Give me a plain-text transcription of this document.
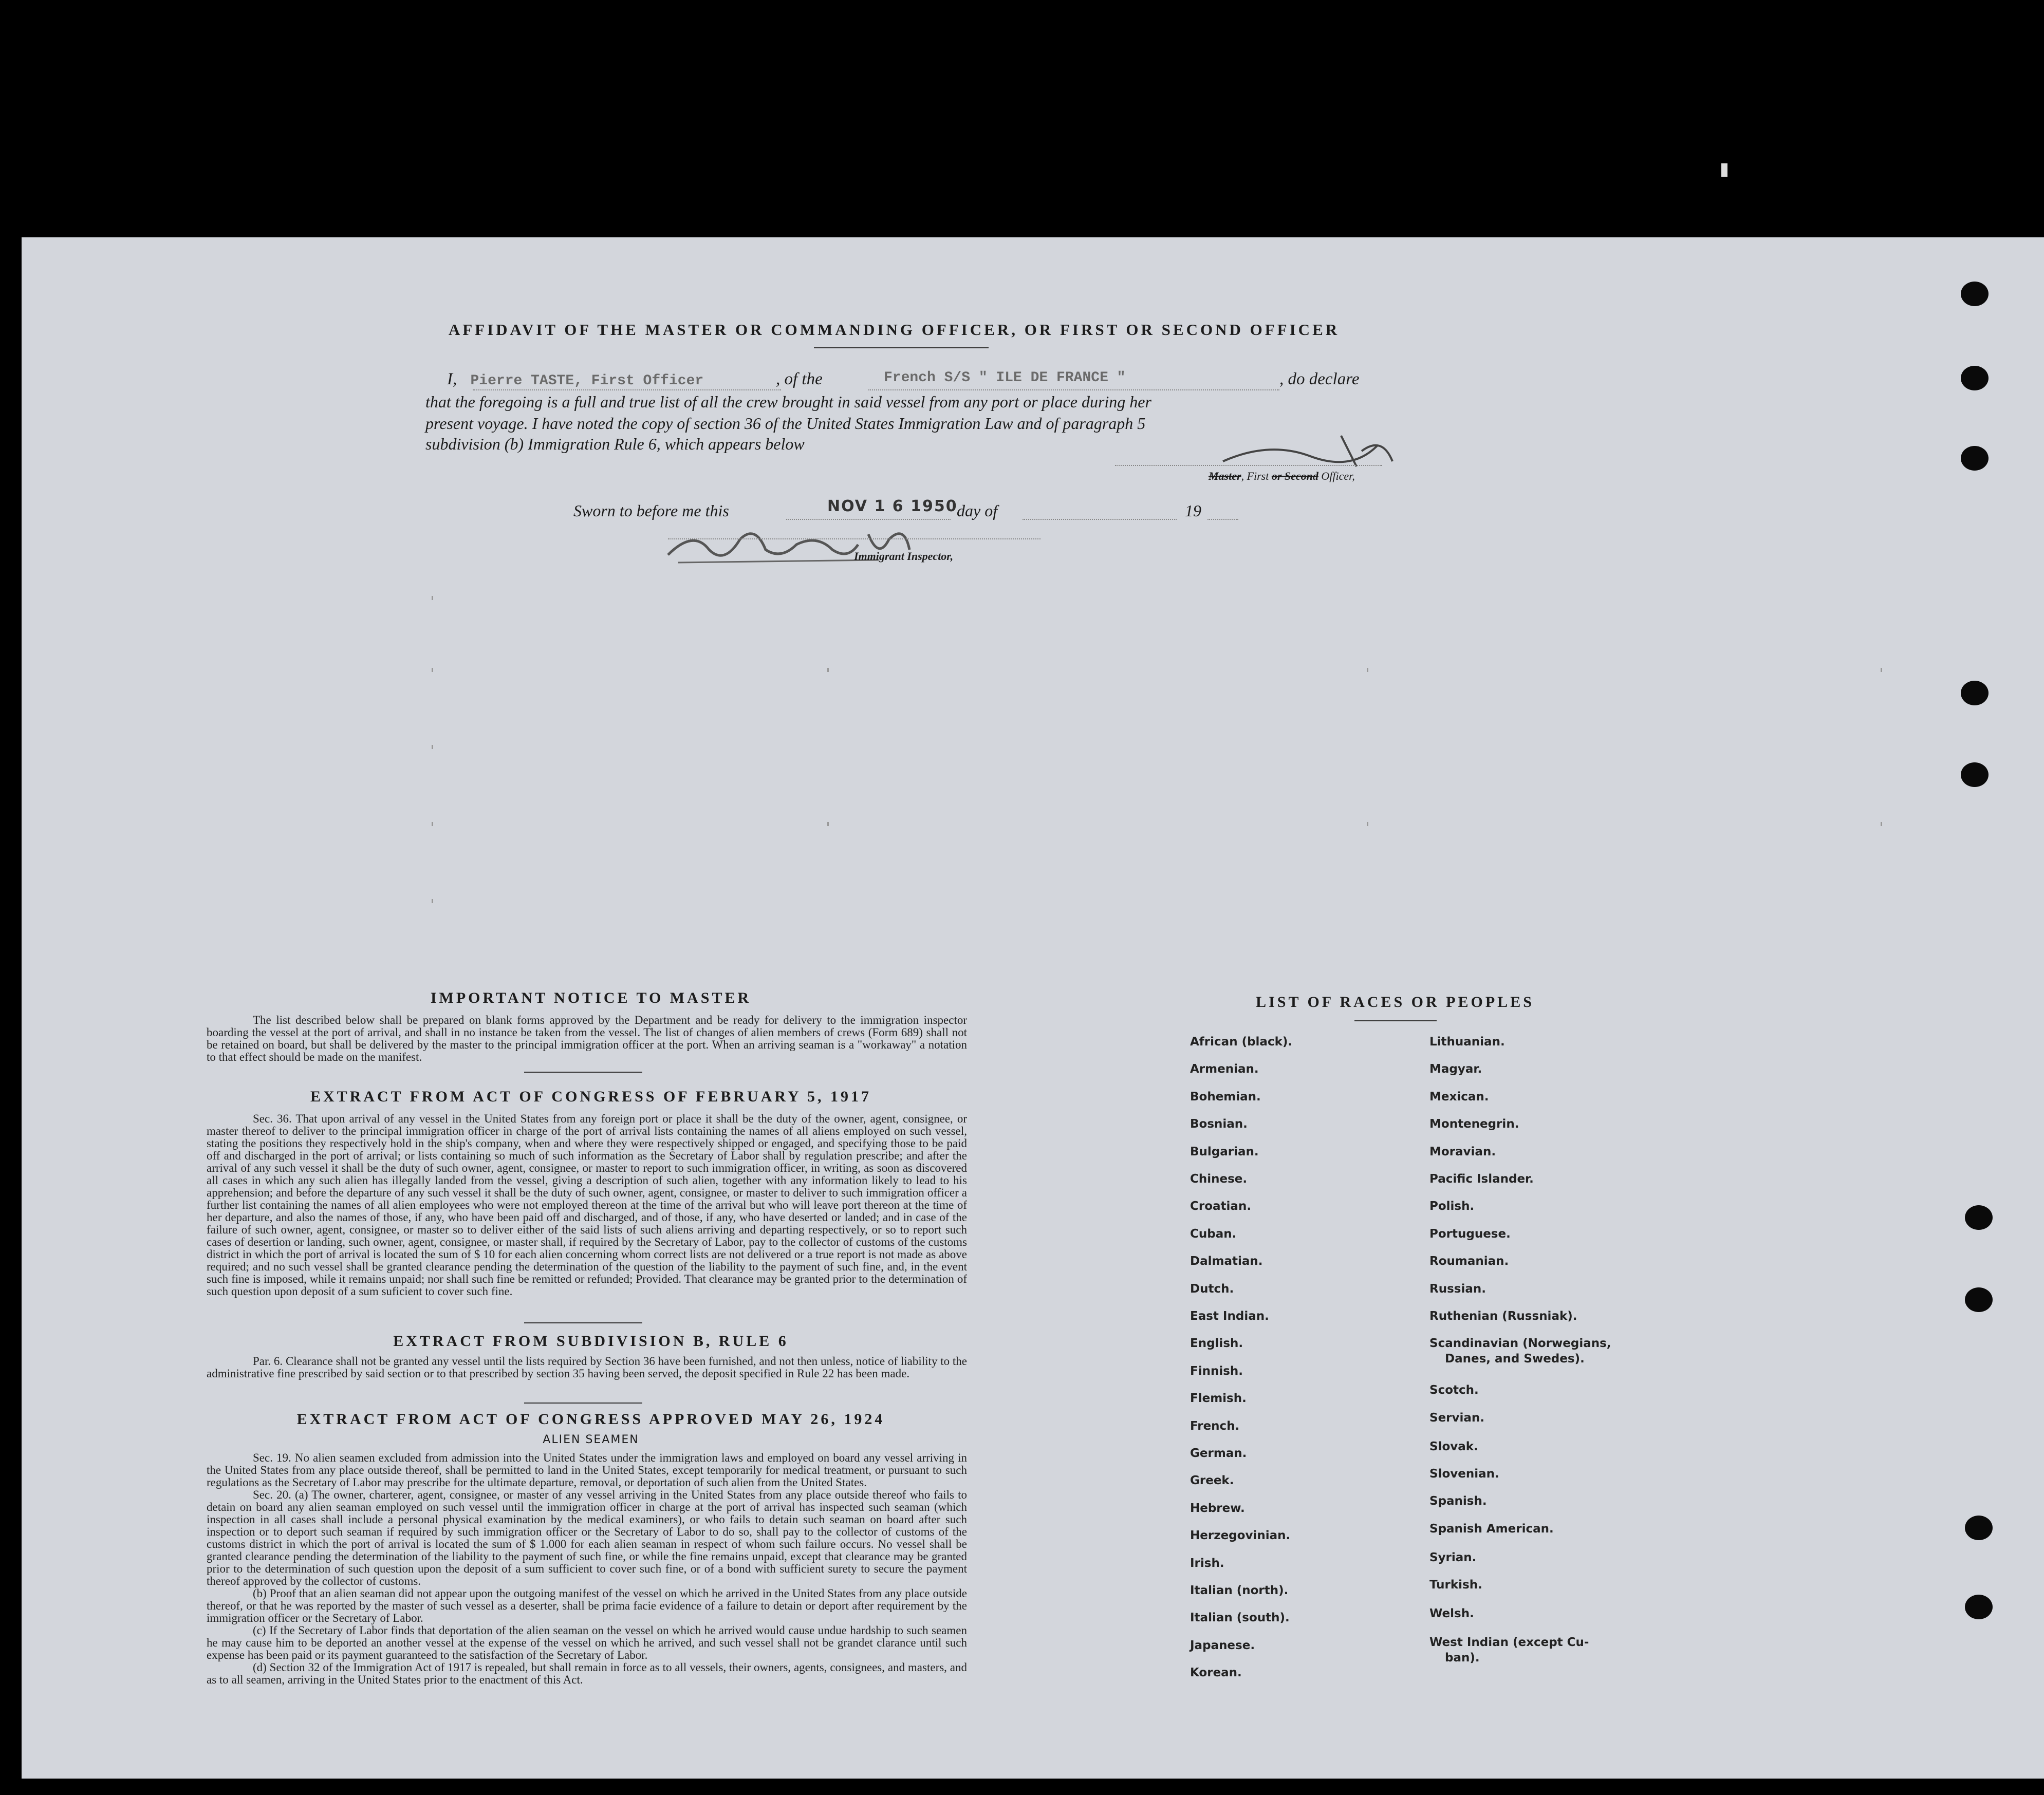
AFFIDAVIT OF THE MASTER OR COMMANDING OFFICER, OR FIRST OR SECOND OFFICER
I, Pierre TASTE, First Officer	, of the	French S/S " ILE DE FRANCE "	, do declare
that the foregoing is a full and true list of all the crew brought in said vessel from any port or place during her
present voyage. I have noted the copy of section 36 of the United States Immigration Law and of paragraph 5
subdivision (b) Immigration Rule 6, which appears below
Master, First or Second Officer,
Sworn to before me this	NOV 1 6 1950
day of	19
Immigrant Inspector,
IMPORTANT NOTICE TO MASTER

The list described below shall be prepared on blank forms approved by the Department and be ready for delivery to the immigration inspector boarding the vessel at the port of arrival, and shall in no instance be taken from the vessel. The list of changes of alien members of crews (Form 689) shall not be retained on board, but shall be delivered by the master to the principal immigration officer at the port. When an arriving seaman is a "workaway" a notation to that effect should be made on the manifest.

EXTRACT FROM ACT OF CONGRESS OF FEBRUARY 5, 1917

Sec. 36. That upon arrival of any vessel in the United States from any foreign port or place it shall be the duty of the owner, agent, consignee, or master thereof to deliver to the principal immigration officer in charge of the port of arrival lists containing the names of all aliens employed on such vessel, stating the positions they respectively hold in the ship's company, when and where they were respectively shipped or engaged, and specifying those to be paid off and discharged in the port of arrival; or lists containing so much of such information as the Secretary of Labor shall by regulation prescribe; and after the arrival of any such vessel it shall be the duty of such owner, agent, consignee, or master to report to such immigration officer, in writing, as soon as discovered all cases in which any such alien has illegally landed from the vessel, giving a description of such alien, together with any information likely to lead to his apprehension; and before the departure of any such vessel it shall be the duty of such owner, agent, consignee, or master to deliver to such immigration officer a further list containing the names of all alien employees who were not employed thereon at the time of the arrival but who will leave port thereon at the time of her departure, and also the names of those, if any, who have been paid off and discharged, and of those, if any, who have deserted or landed; and in case of the failure of such owner, agent, consignee, or master so to deliver either of the said lists of such aliens arriving and departing respectively, or so to report such cases of desertion or landing, such owner, agent, consignee, or master shall, if required by the Secretary of Labor, pay to the collector of customs of the customs district in which the port of arrival is located the sum of $ 10 for each alien concerning whom correct lists are not delivered or a true report is not made as above required; and no such vessel shall be granted clearance pending the determination of the question of the liability to the payment of such fine, and, in the event such fine is imposed, while it remains unpaid; nor shall such fine be remitted or refunded; Provided. That clearance may be granted prior to the determination of such question upon deposit of a sum suficient to cover such fine.

EXTRACT FROM SUBDIVISION B, RULE 6

Par. 6. Clearance shall not be granted any vessel until the lists required by Section 36 have been furnished, and not then unless, notice of liability to the administrative fine prescribed by said section or to that prescribed by section 35 having been served, the deposit specified in Rule 22 has been made.

EXTRACT FROM ACT OF CONGRESS APPROVED MAY 26, 1924
ALIEN SEAMEN

Sec. 19. No alien seamen excluded from admission into the United States under the immigration laws and employed on board any vessel arriving in the United States from any place outside thereof, shall be permitted to land in the United States, except temporarily for medical treatment, or pursuant to such regulations as the Secretary of Labor may prescribe for the ultimate departure, removal, or deportation of such alien from the United States.

Sec. 20. (a) The owner, charterer, agent, consignee, or master of any vessel arriving in the United States from any place outside thereof who fails to detain on board any alien seaman employed on such vessel until the immigration officer in charge at the port of arrival has inspected such seaman (which inspection in all cases shall include a personal physical examination by the medical examiners), or who fails to detain such seaman on board after such inspection or to deport such seaman if required by such immigration officer or the Secretary of Labor to do so, shall pay to the collector of customs of the customs district in which the port of arrival is located the sum of $ 1.000 for each alien seaman in respect of whom such failure occurs. No vessel shall be granted clearance pending the determination of the liability to the payment of such fine, or while the fine remains unpaid, except that clearance may be granted prior to the determination of such question upon the deposit of a sum sufficient to cover such fine, or of a bond with sufficient surety to secure the payment thereof approved by the collector of customs.

(b) Proof that an alien seaman did not appear upon the outgoing manifest of the vessel on which he arrived in the United States from any place outside thereof, or that he was reported by the master of such vessel as a deserter, shall be prima facie evidence of a failure to detain or deport after requirement by the immigration officer or the Secretary of Labor.

(c) If the Secretary of Labor finds that deportation of the alien seaman on the vessel on which he arrived would cause undue hardship to such seamen he may cause him to be deported an another vessel at the expense of the vessel on which he arrived, and such vessel shall not be grandet clarance until such expense has been paid or its payment guaranteed to the satisfaction of the Secretary of Labor.

(d) Section 32 of the Immigration Act of 1917 is repealed, but shall remain in force as to all vessels, their owners, agents, consignees, and masters, and as to all seamen, arriving in the United States prior to the enactment of this Act.

LIST OF RACES OR PEOPLES
African (black).
Armenian.
Bohemian.
Bosnian.
Bulgarian.
Chinese.
Croatian.
Cuban.
Dalmatian.
Dutch.
East Indian.
English.
Finnish.
Flemish.
French.
German.
Greek.
Hebrew.
Herzegovinian.
Irish.
Italian (north).
Italian (south).
Japanese.
Korean.
Lithuanian.
Magyar.
Mexican.
Montenegrin.
Moravian.
Pacific Islander.
Polish.
Portuguese.
Roumanian.
Russian.
Ruthenian (Russniak).
Scandinavian (Norwegians,
Danes, and Swedes).
Scotch.
Servian.
Slovak.
Slovenian.
Spanish.
Spanish American.
Syrian.
Turkish.
Welsh.
West Indian (except Cu-
ban).
